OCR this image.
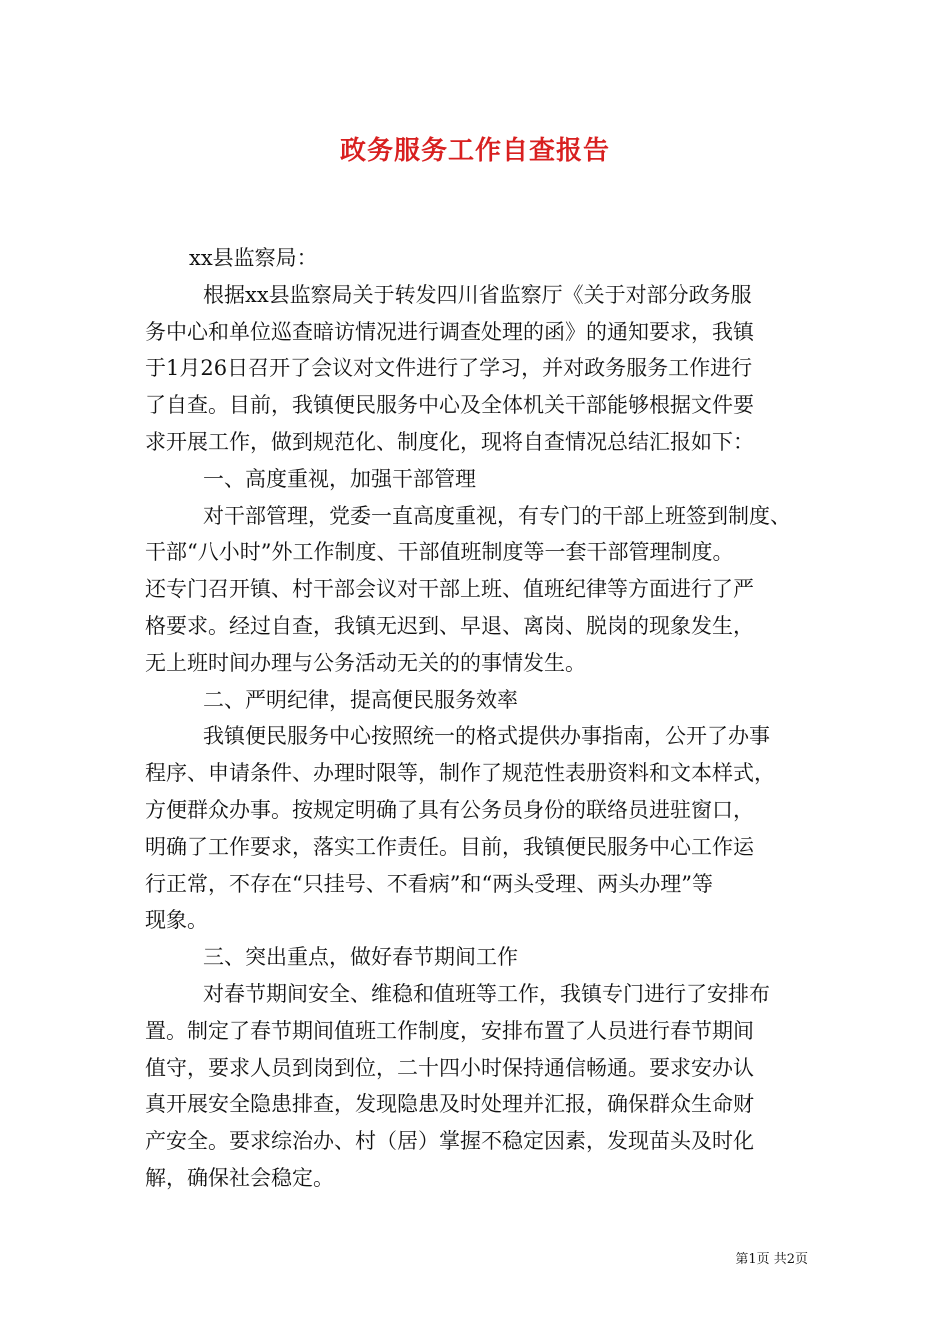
政务服务工作自查报告

xx县监察局：

根据xx县监察局关于转发四川省监察厅《关于对部分政务服

务中心和单位巡查暗访情况进行调查处理的函》的通知要求，我镇

于1月26日召开了会议对文件进行了学习，并对政务服务工作进行

了自查。目前，我镇便民服务中心及全体机关干部能够根据文件要

求开展工作，做到规范化、制度化，现将自查情况总结汇报如下：

一、高度重视，加强干部管理

对干部管理，党委一直高度重视，有专门的干部上班签到制度、

干部“八小时”外工作制度、干部值班制度等一套干部管理制度。

还专门召开镇、村干部会议对干部上班、值班纪律等方面进行了严

格要求。经过自查，我镇无迟到、早退、离岗、脱岗的现象发生，

无上班时间办理与公务活动无关的的事情发生。

二、严明纪律，提高便民服务效率

我镇便民服务中心按照统一的格式提供办事指南，公开了办事

程序、申请条件、办理时限等，制作了规范性表册资料和文本样式，

方便群众办事。按规定明确了具有公务员身份的联络员进驻窗口，

明确了工作要求，落实工作责任。目前，我镇便民服务中心工作运

行正常，不存在“只挂号、不看病”和“两头受理、两头办理”等

现象。

三、突出重点，做好春节期间工作

对春节期间安全、维稳和值班等工作，我镇专门进行了安排布

置。制定了春节期间值班工作制度，安排布置了人员进行春节期间

值守，要求人员到岗到位，二十四小时保持通信畅通。要求安办认

真开展安全隐患排查，发现隐患及时处理并汇报，确保群众生命财

产安全。要求综治办、村（居）掌握不稳定因素，发现苗头及时化

解，确保社会稳定。

第1页 共2页
